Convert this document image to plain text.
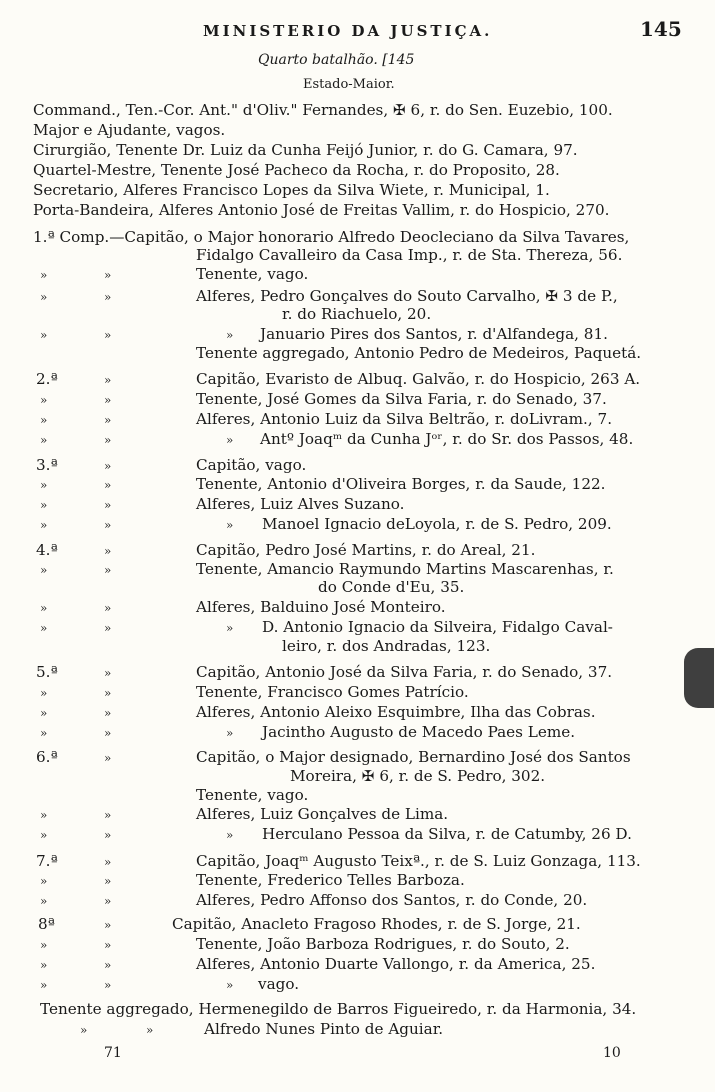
MINISTERIO DA JUSTIÇA.	145
Quarto batalhão. [145
Estado-Maior.
Command., Ten.-Cor. Ant." d'Oliv." Fernandes, ✠ 6, r. do Sen. Euzebio, 100.
Major e Ajudante, vagos.
Cirurgião, Tenente Dr. Luiz da Cunha Feijó Junior, r. do G. Camara, 97.
Quartel-Mestre, Tenente José Pacheco da Rocha, r. do Proposito, 28.
Secretario, Alferes Francisco Lopes da Silva Wiete, r. Municipal, 1.
Porta-Bandeira, Alferes Antonio José de Freitas Vallim, r. do Hospicio, 270.
1.ª Comp.—Capitão, o Major honorario Alfredo Deocleciano da Silva Tavares,
Fidalgo Cavalleiro da Casa Imp., r. de Sta. Thereza, 56.
»	»	Tenente, vago.
»	»	Alferes, Pedro Gonçalves do Souto Carvalho, ✠ 3 de P.,
r. do Riachuelo, 20.
»	»	» Januario Pires dos Santos, r. d'Alfandega, 81.
Tenente aggregado, Antonio Pedro de Medeiros, Paquetá.
2.ª	»	Capitão, Evaristo de Albuq. Galvão, r. do Hospicio, 263 A.
»	»	Tenente, José Gomes da Silva Faria, r. do Senado, 37.
»	»	Alferes, Antonio Luiz da Silva Beltrão, r. doLivram., 7.
»	»	» Antº Joaqᵐ da Cunha Jᵒʳ, r. do Sr. dos Passos, 48.
3.ª	»	Capitão, vago.
»	»	Tenente, Antonio d'Oliveira Borges, r. da Saude, 122.
»	»	Alferes, Luiz Alves Suzano.
»	»	» Manoel Ignacio deLoyola, r. de S. Pedro, 209.
4.ª	»	Capitão, Pedro José Martins, r. do Areal, 21.
»	»	Tenente, Amancio Raymundo Martins Mascarenhas, r.
do Conde d'Eu, 35.
»	»	Alferes, Balduino José Monteiro.
»	»	» D. Antonio Ignacio da Silveira, Fidalgo Caval-
leiro, r. dos Andradas, 123.
5.ª	»	Capitão, Antonio José da Silva Faria, r. do Senado, 37.
»	»	Tenente, Francisco Gomes Patrício.
»	»	Alferes, Antonio Aleixo Esquimbre, Ilha das Cobras.
»	»	» Jacintho Augusto de Macedo Paes Leme.
6.ª	»	Capitão, o Major designado, Bernardino José dos Santos
Moreira, ✠ 6, r. de S. Pedro, 302.
Tenente, vago.
»	»	Alferes, Luiz Gonçalves de Lima.
»	»	» Herculano Pessoa da Silva, r. de Catumby, 26 D.
7.ª	»	Capitão, Joaqᵐ Augusto Teixª., r. de S. Luiz Gonzaga, 113.
»	»	Tenente, Frederico Telles Barboza.
»	»	Alferes, Pedro Affonso dos Santos, r. do Conde, 20.
8ª	»	Capitão, Anacleto Fragoso Rhodes, r. de S. Jorge, 21.
»	»	Tenente, João Barboza Rodrigues, r. do Souto, 2.
»	»	Alferes, Antonio Duarte Vallongo, r. da America, 25.
»	»	» vago.
Tenente aggregado, Hermenegildo de Barros Figueiredo, r. da Harmonia, 34.
»	»	Alfredo Nunes Pinto de Aguiar.
71	10
